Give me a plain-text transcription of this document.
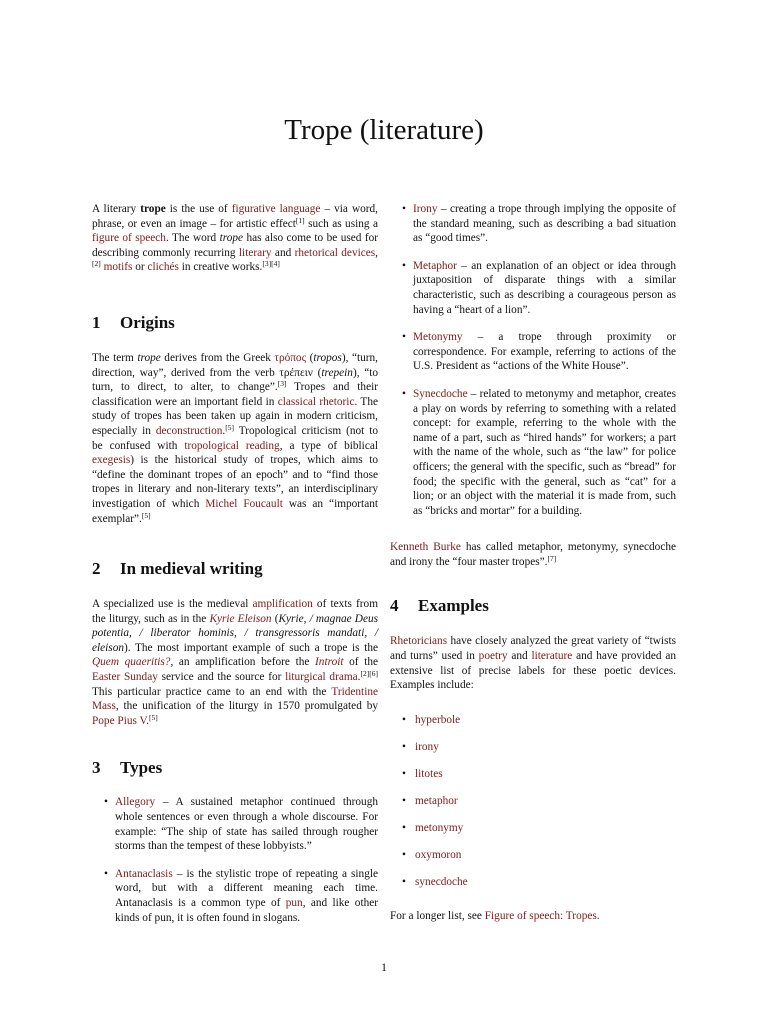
Trope (literature)

A literary trope is the use of figurative language – via word, phrase, or even an image – for artistic effect[1] such as using a figure of speech. The word trope has also come to be used for describing commonly recurring literary and rhetorical devices,[2] motifs or clichés in creative works.[3][4]

1 Origins

The term trope derives from the Greek τρόπος (tropos), “turn, direction, way”, derived from the verb τρέπειν (trepein), “to turn, to direct, to alter, to change”.[3] Tropes and their classification were an important field in classical rhetoric. The study of tropes has been taken up again in modern criticism, especially in deconstruction.[5] Tropological criticism (not to be confused with tropological reading, a type of biblical exegesis) is the historical study of tropes, which aims to “define the dominant tropes of an epoch” and to “find those tropes in literary and non-literary texts”, an interdisciplinary investigation of which Michel Foucault was an “important exemplar”.[5]

2 In medieval writing

A specialized use is the medieval amplification of texts from the liturgy, such as in the Kyrie Eleison (Kyrie, / magnae Deus potentia, / liberator hominis, / transgressoris mandati, / eleison). The most important example of such a trope is the Quem quaeritis?, an amplification before the Introit of the Easter Sunday service and the source for liturgical drama.[2][6] This particular practice came to an end with the Tridentine Mass, the unification of the liturgy in 1570 promulgated by Pope Pius V.[5]

3 Types
• Allegory – A sustained metaphor continued through whole sentences or even through a whole discourse. For example: “The ship of state has sailed through rougher storms than the tempest of these lobbyists.”
• Antanaclasis – is the stylistic trope of repeating a single word, but with a different meaning each time. Antanaclasis is a common type of pun, and like other kinds of pun, it is often found in slogans.
• Irony – creating a trope through implying the opposite of the standard meaning, such as describing a bad situation as “good times”.
• Metaphor – an explanation of an object or idea through juxtaposition of disparate things with a similar characteristic, such as describing a courageous person as having a “heart of a lion”.
• Metonymy – a trope through proximity or correspondence. For example, referring to actions of the U.S. President as “actions of the White House”.
• Synecdoche – related to metonymy and metaphor, creates a play on words by referring to something with a related concept: for example, referring to the whole with the name of a part, such as “hired hands” for workers; a part with the name of the whole, such as “the law” for police officers; the general with the specific, such as “bread” for food; the specific with the general, such as “cat” for a lion; or an object with the material it is made from, such as “bricks and mortar” for a building.

Kenneth Burke has called metaphor, metonymy, synecdoche and irony the “four master tropes”.[7]

4 Examples

Rhetoricians have closely analyzed the great variety of “twists and turns” used in poetry and literature and have provided an extensive list of precise labels for these poetic devices. Examples include:

• hyperbole
• irony
• litotes
• metaphor
• metonymy
• oxymoron
• synecdoche

For a longer list, see Figure of speech: Tropes.

1
